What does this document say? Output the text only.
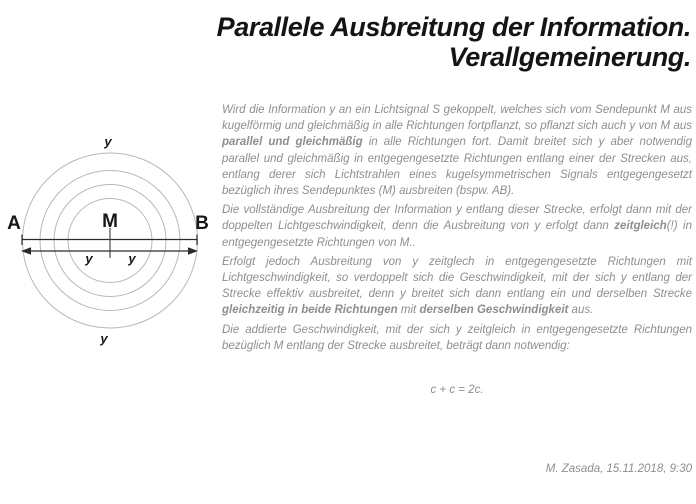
Parallele Ausbreitung der Information.
Verallgemeinerung.
A	M	B
y
y
y	y

Wird die Information y an ein Lichtsignal S gekoppelt, welches sich vom Sendepunkt M aus kugelförmig und gleichmäßig in alle Richtungen fortpflanzt, so pflanzt sich auch y von M aus parallel und gleichmäßig in alle Richtungen fort. Damit breitet sich y aber notwendig parallel und gleichmäßig in entgegengesetzte Richtungen entlang einer der Strecken aus, entlang derer sich Lichtstrahlen eines kugelsymmetrischen Signals entgegengesetzt bezüglich ihres Sendepunktes (M) ausbreiten (bspw. AB).

Die vollständige Ausbreitung der Information y entlang dieser Strecke, erfolgt dann mit der doppelten Lichtgeschwindigkeit, denn die Ausbreitung von y erfolgt dann zeitgleich(!) in entgegengesetzte Richtungen von M..

Erfolgt jedoch Ausbreitung von y zeitglech in entgegengesetzte Richtungen mit Lichtgeschwindigkeit, so verdoppelt sich die Geschwindigkeit, mit der sich y entlang der Strecke effektiv ausbreitet, denn y breitet sich dann entlang ein und derselben Strecke gleichzeitig in beide Richtungen mit derselben Geschwindigkeit aus.

Die addierte Geschwindigkeit, mit der sich y zeitgleich in entgegengesetzte Richtungen bezüglich M entlang der Strecke ausbreitet, beträgt dann notwendig:

c + c = 2c.
M. Zasada, 15.11.2018, 9:30
